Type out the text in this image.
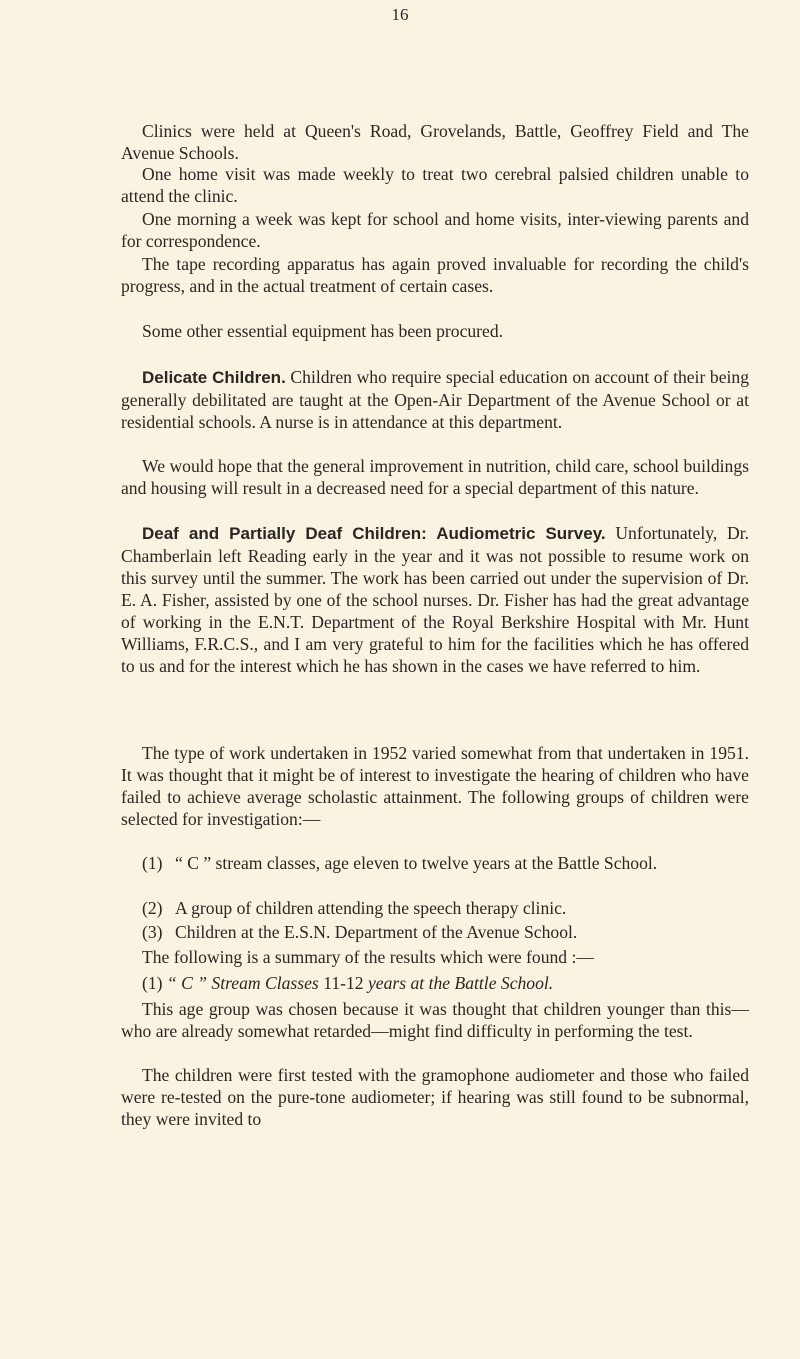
16

Clinics were held at Queen's Road, Grovelands, Battle, Geoffrey Field and The Avenue Schools.

One home visit was made weekly to treat two cerebral palsied children unable to attend the clinic.

One morning a week was kept for school and home visits, inter-viewing parents and for correspondence.

The tape recording apparatus has again proved invaluable for recording the child's progress, and in the actual treatment of certain cases.

Some other essential equipment has been procured.

Delicate Children. Children who require special education on account of their being generally debilitated are taught at the Open-Air Department of the Avenue School or at residential schools. A nurse is in attendance at this department.

We would hope that the general improvement in nutrition, child care, school buildings and housing will result in a decreased need for a special department of this nature.

Deaf and Partially Deaf Children: Audiometric Survey. Unfortunately, Dr. Chamberlain left Reading early in the year and it was not possible to resume work on this survey until the summer. The work has been carried out under the supervision of Dr. E. A. Fisher, assisted by one of the school nurses. Dr. Fisher has had the great advantage of working in the E.N.T. Department of the Royal Berkshire Hospital with Mr. Hunt Williams, F.R.C.S., and I am very grateful to him for the facilities which he has offered to us and for the interest which he has shown in the cases we have referred to him.

The type of work undertaken in 1952 varied somewhat from that undertaken in 1951. It was thought that it might be of interest to investigate the hearing of children who have failed to achieve average scholastic attainment. The following groups of children were selected for investigation:—

(1) “ C ” stream classes, age eleven to twelve years at the Battle School.
(2) A group of children attending the speech therapy clinic.
(3) Children at the E.S.N. Department of the Avenue School.

The following is a summary of the results which were found :—

(1) “ C ” Stream Classes 11-12 years at the Battle School.

This age group was chosen because it was thought that children younger than this—who are already somewhat retarded—might find difficulty in performing the test.

The children were first tested with the gramophone audiometer and those who failed were re-tested on the pure-tone audiometer; if hearing was still found to be subnormal, they were invited to
